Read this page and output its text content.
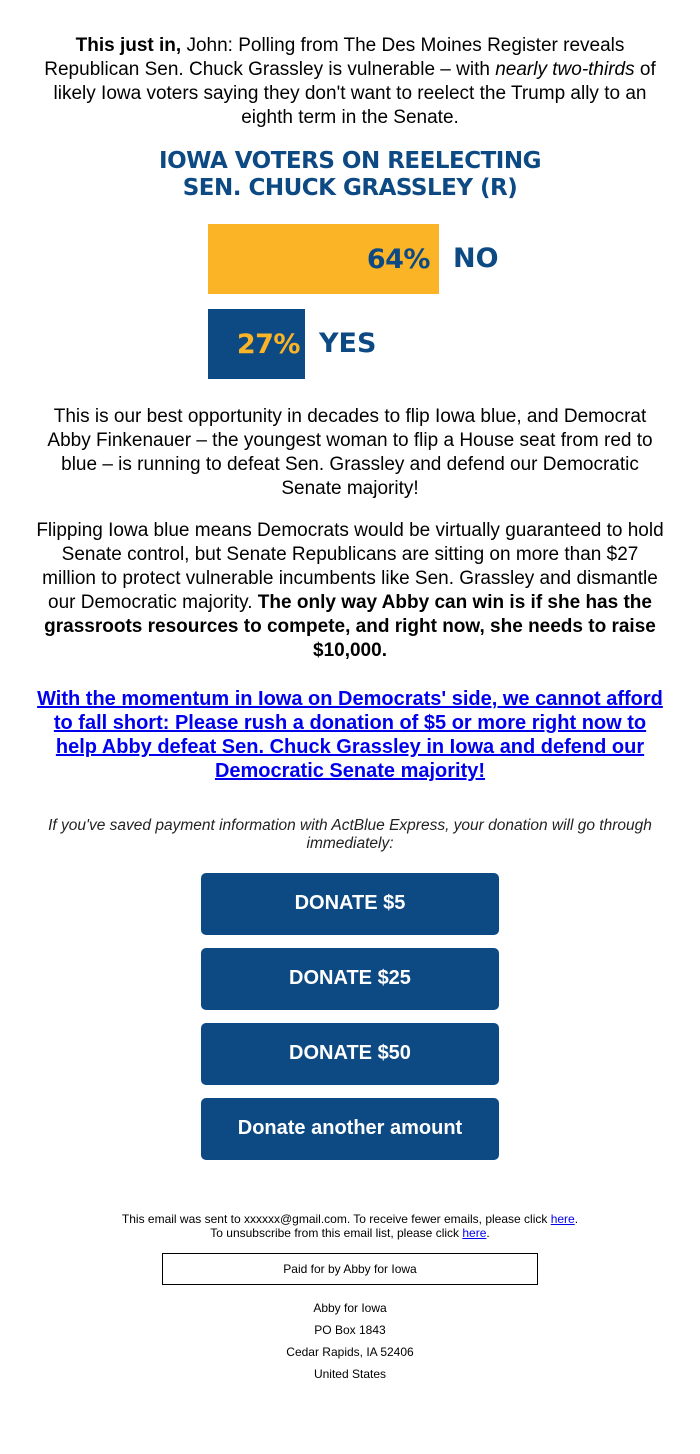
This just in, John: Polling from The Des Moines Register reveals Republican Sen. Chuck Grassley is vulnerable – with nearly two-thirds of likely Iowa voters saying they don't want to reelect the Trump ally to an eighth term in the Senate.

IOWA VOTERS ON REELECTING
SEN. CHUCK GRASSLEY (R)
64% NO
27% YES

This is our best opportunity in decades to flip Iowa blue, and Democrat Abby Finkenauer – the youngest woman to flip a House seat from red to blue – is running to defeat Sen. Grassley and defend our Democratic Senate majority!

Flipping Iowa blue means Democrats would be virtually guaranteed to hold Senate control, but Senate Republicans are sitting on more than $27 million to protect vulnerable incumbents like Sen. Grassley and dismantle our Democratic majority. The only way Abby can win is if she has the grassroots resources to compete, and right now, she needs to raise $10,000.

With the momentum in Iowa on Democrats' side, we cannot afford to fall short: Please rush a donation of $5 or more right now to help Abby defeat Sen. Chuck Grassley in Iowa and defend our Democratic Senate majority!
If you've saved payment information with ActBlue Express, your donation will go through immediately:
DONATE $5
DONATE $25
DONATE $50
Donate another amount
This email was sent to xxxxxx@gmail.com. To receive fewer emails, please click here.
To unsubscribe from this email list, please click here.
Paid for by Abby for Iowa
Abby for Iowa
PO Box 1843
Cedar Rapids, IA 52406
United States
